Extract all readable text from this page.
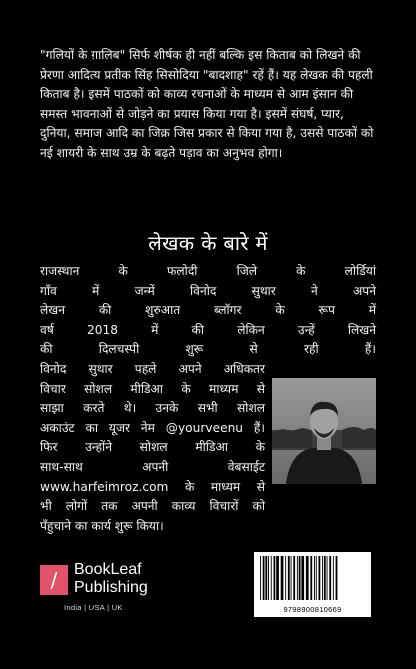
"गलियों के ग़ालिब" सिर्फ शीर्षक ही नहीं बल्कि इस किताब को लिखने की प्रेरणा आदित्य प्रतीक सिंह सिसोदिया "बादशाह" रहें हैं। यह लेखक की पहली किताब है। इसमें पाठकों को काव्य रचनाओं के माध्यम से आम इंसान की समस्त भावनाओं से जोड़ने का प्रयास किया गया है। इसमें संघर्ष, प्यार, दुनिया, समाज आदि का जिक्र जिस प्रकार से किया गया है, उससे पाठकों को नई शायरी के साथ उम्र के बढ़ते पड़ाव का अनुभव होगा।

लेखक के बारे में
राजस्थान के फलोदी जिले के लोर्डियां
गाँव में जन्में विनोद सुथार ने अपने
लेखन की शुरुआत ब्लॉगर के रूप में
वर्ष 2018 में की लेकिन उन्हें लिखने
की दिलचस्पी शुरू से रही हैं।
विनोद सुथार पहले अपने अधिकतर
विचार सोशल मीडिआ के माध्यम से
साझा करते थे। उनके सभी सोशल
अकाउंट का यूजर नेम @yourveenu हैं।
फिर उन्होंने सोशल मीडिआ के
साथ-साथ अपनी वेबसाईट
www.harfeimroz.com के माध्यम से
भी लोगों तक अपनी काव्य विचारों को
पँहुचाने का कार्य शुरू किया।
/	BookLeaf
Publishing
India | USA | UK	9798900810669
